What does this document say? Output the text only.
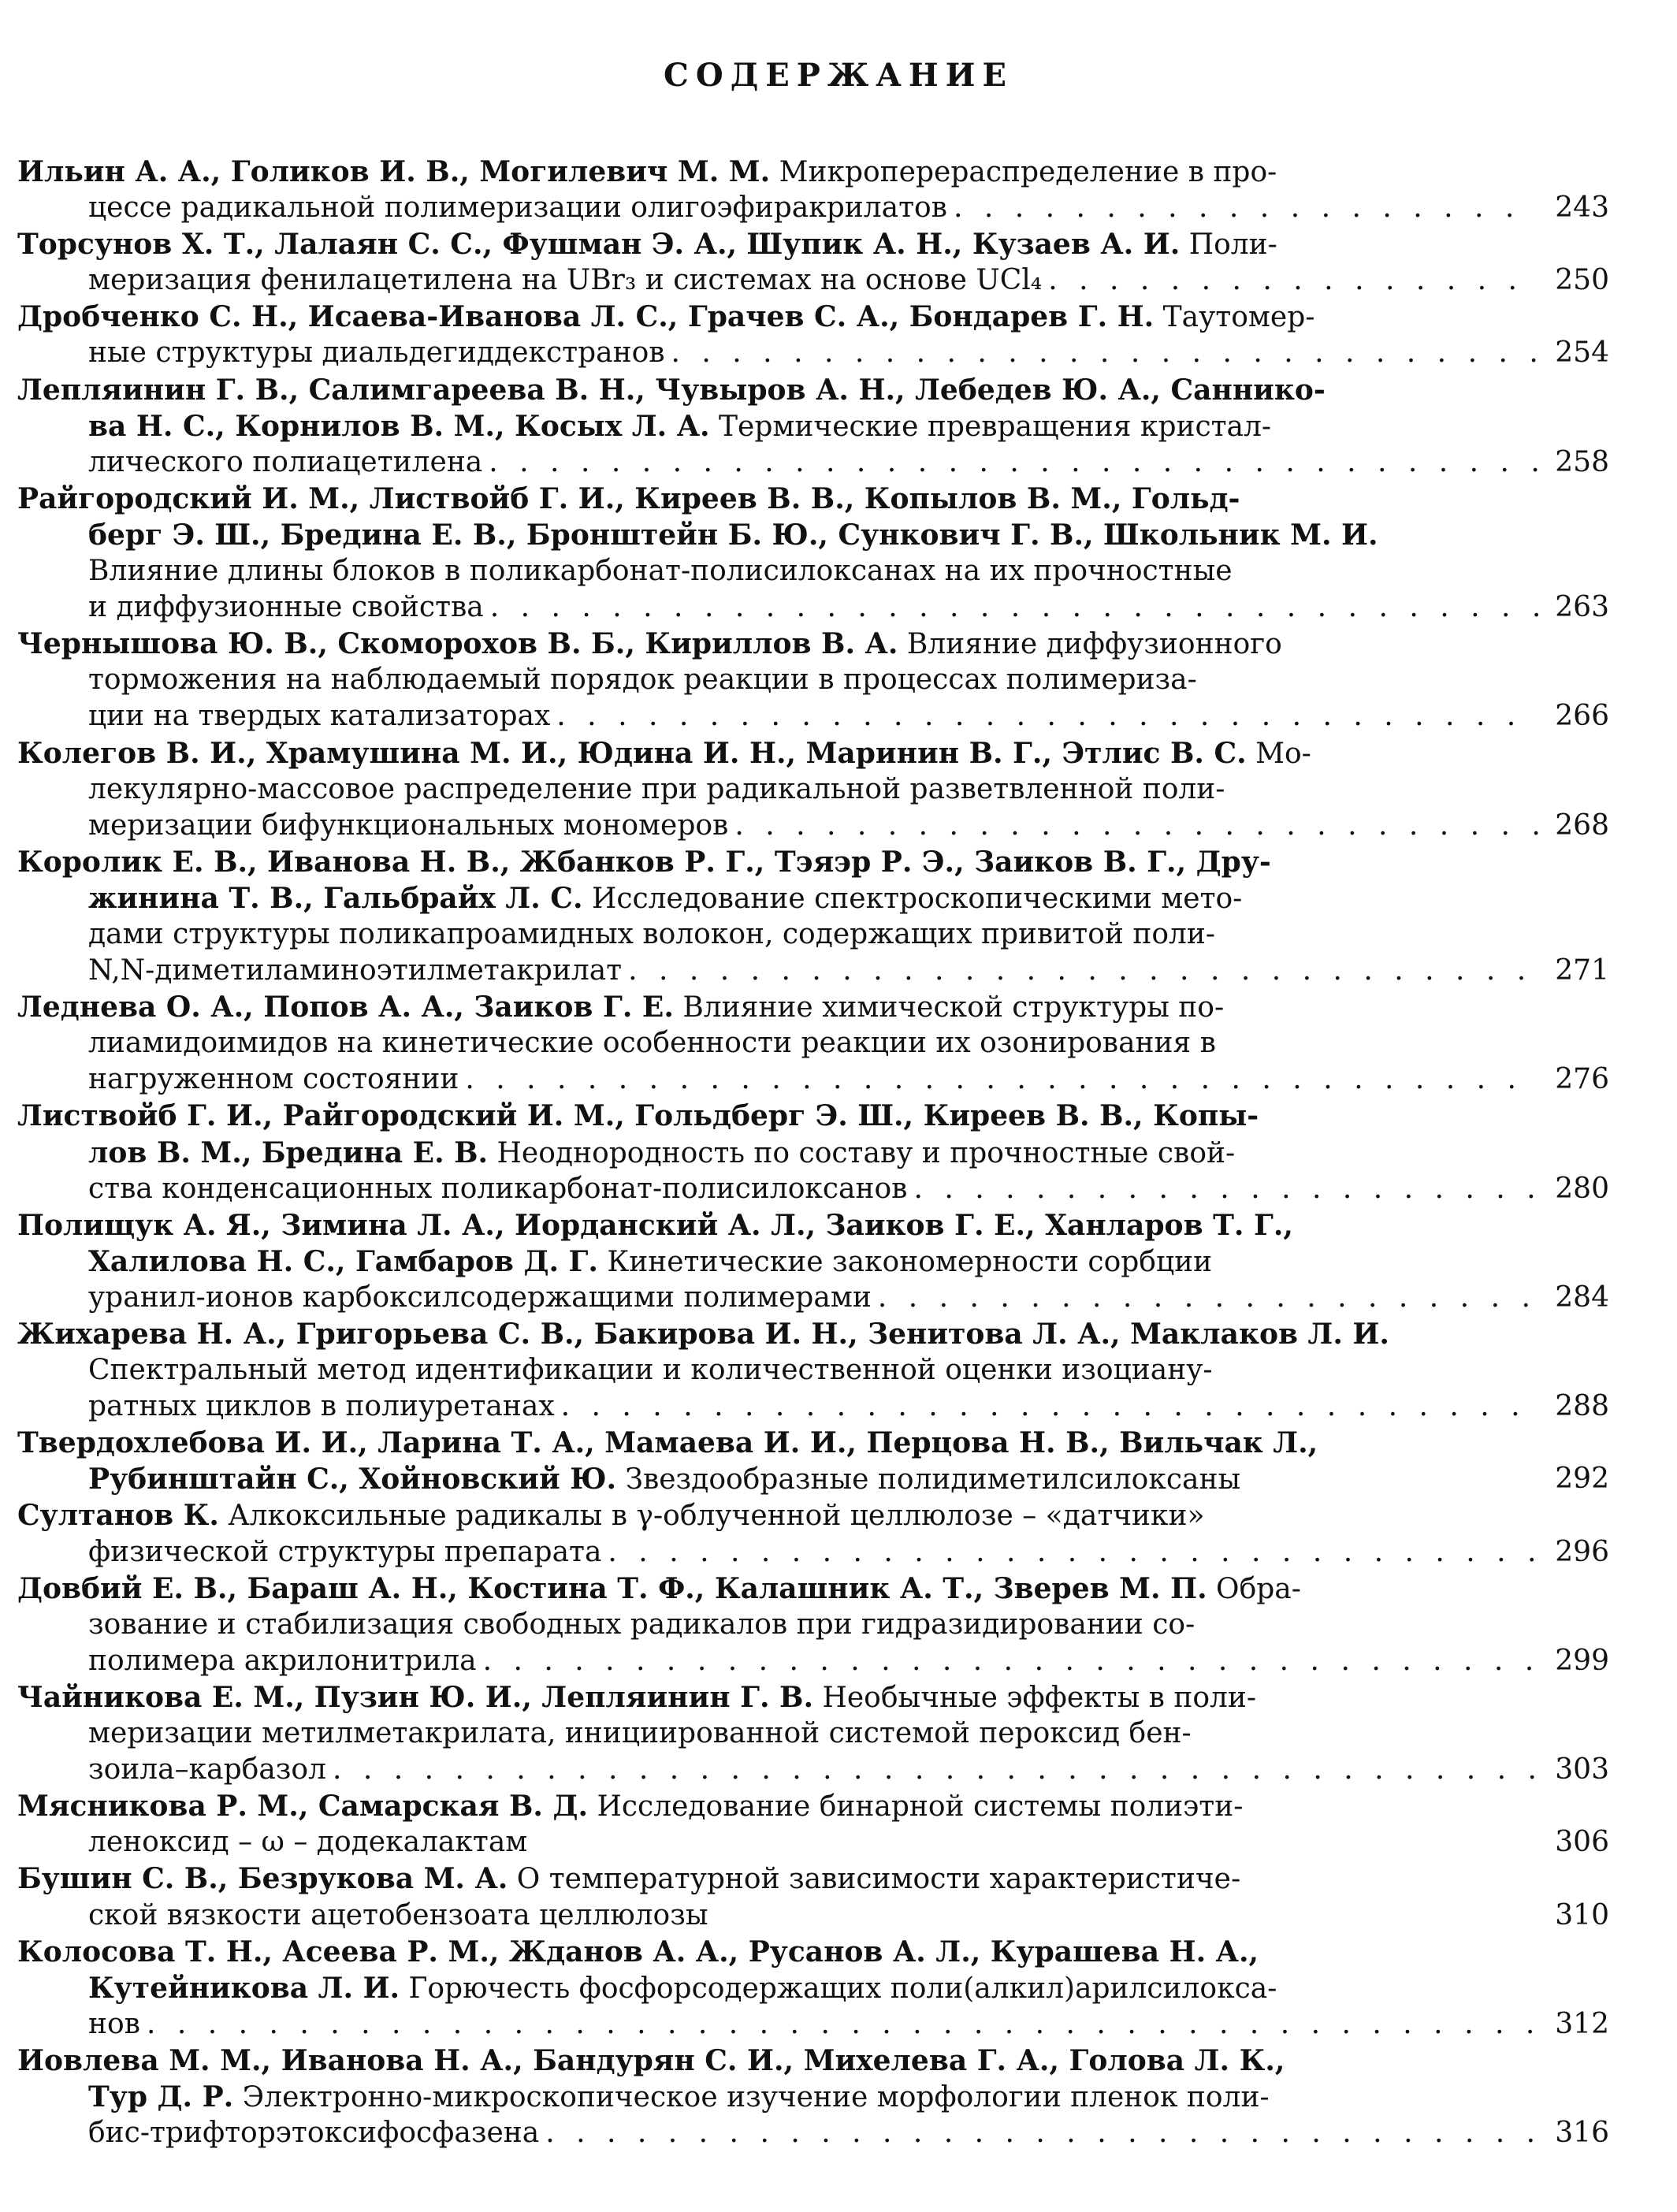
СОДЕРЖАНИЕ
Ильин А. А., Голиков И. В., Могилевич М. М. Микроперераспределение в про-
цессе радикальной полимеризации олигоэфиракрилатов . . .	243
Торсунов Х. Т., Лалаян С. С., Фушман Э. А., Шупик А. Н., Кузаев А. И. Поли-
меризация фенилацетилена на UBr₃ и системах на основе UCl₄ . . .	250
Дробченко С. Н., Исаева-Иванова Л. С., Грачев С. А., Бондарев Г. Н. Таутомер-
ные структуры диальдегиддекстранов . . .	254
Лепляинин Г. В., Салимгареева В. Н., Чувыров А. Н., Лебедев Ю. А., Саннико-
ва Н. С., Корнилов В. М., Косых Л. А. Термические превращения кристал-
лического полиацетилена . . .	258
Райгородский И. М., Листвойб Г. И., Киреев В. В., Копылов В. М., Гольд-
берг Э. Ш., Бредина Е. В., Бронштейн Б. Ю., Сункович Г. В., Школьник М. И.
Влияние длины блоков в поликарбонат-полисилоксанах на их прочностные
и диффузионные свойства . . .	263
Чернышова Ю. В., Скоморохов В. Б., Кириллов В. А. Влияние диффузионного
торможения на наблюдаемый порядок реакции в процессах полимериза-
ции на твердых катализаторах . . .	266
Колегов В. И., Храмушина М. И., Юдина И. Н., Маринин В. Г., Этлис В. С. Мо-
лекулярно-массовое распределение при радикальной разветвленной поли-
меризации бифункциональных мономеров . . .	268
Королик Е. В., Иванова Н. В., Жбанков Р. Г., Тэяэр Р. Э., Заиков В. Г., Дру-
жинина Т. В., Гальбрайх Л. С. Исследование спектроскопическими мето-
дами структуры поликапроамидных волокон, содержащих привитой поли-
N,N-диметиламиноэтилметакрилат . . .	271
Леднева О. А., Попов А. А., Заиков Г. Е. Влияние химической структуры по-
лиамидоимидов на кинетические особенности реакции их озонирования в
нагруженном состоянии . . .	276
Листвойб Г. И., Райгородский И. М., Гольдберг Э. Ш., Киреев В. В., Копы-
лов В. М., Бредина Е. В. Неоднородность по составу и прочностные свой-
ства конденсационных поликарбонат-полисилоксанов . . .	280
Полищук А. Я., Зимина Л. А., Иорданский А. Л., Заиков Г. Е., Ханларов Т. Г.,
Халилова Н. С., Гамбаров Д. Г. Кинетические закономерности сорбции
уранил-ионов карбоксилсодержащими полимерами . . .	284
Жихарева Н. А., Григорьева С. В., Бакирова И. Н., Зенитова Л. А., Маклаков Л. И.
Спектральный метод идентификации и количественной оценки изоциану-
ратных циклов в полиуретанах . . .	288
Твердохлебова И. И., Ларина Т. А., Мамаева И. И., Перцова Н. В., Вильчак Л.,
Рубинштайн С., Хойновский Ю. Звездообразные полидиметилсилоксаны	292
Султанов К. Алкоксильные радикалы в γ-облученной целлюлозе – «датчики»
физической структуры препарата . . .	296
Довбий Е. В., Бараш А. Н., Костина Т. Ф., Калашник А. Т., Зверев М. П. Обра-
зование и стабилизация свободных радикалов при гидразидировании со-
полимера акрилонитрила . . .	299
Чайникова Е. М., Пузин Ю. И., Лепляинин Г. В. Необычные эффекты в поли-
меризации метилметакрилата, инициированной системой пероксид бен-
зоила–карбазол . . .	303
Мясникова Р. М., Самарская В. Д. Исследование бинарной системы полиэти-
леноксид – ω – додекалактам	306
Бушин С. В., Безрукова М. А. О температурной зависимости характеристиче-
ской вязкости ацетобензоата целлюлозы	310
Колосова Т. Н., Асеева Р. М., Жданов А. А., Русанов А. Л., Курашева Н. А.,
Кутейникова Л. И. Горючесть фосфорсодержащих поли(алкил)арилсилокса-
нов . . .	312
Иовлева М. М., Иванова Н. А., Бандурян С. И., Михелева Г. А., Голова Л. К.,
Тур Д. Р. Электронно-микроскопическое изучение морфологии пленок поли-
бис-трифторэтоксифосфазена . . .	316
